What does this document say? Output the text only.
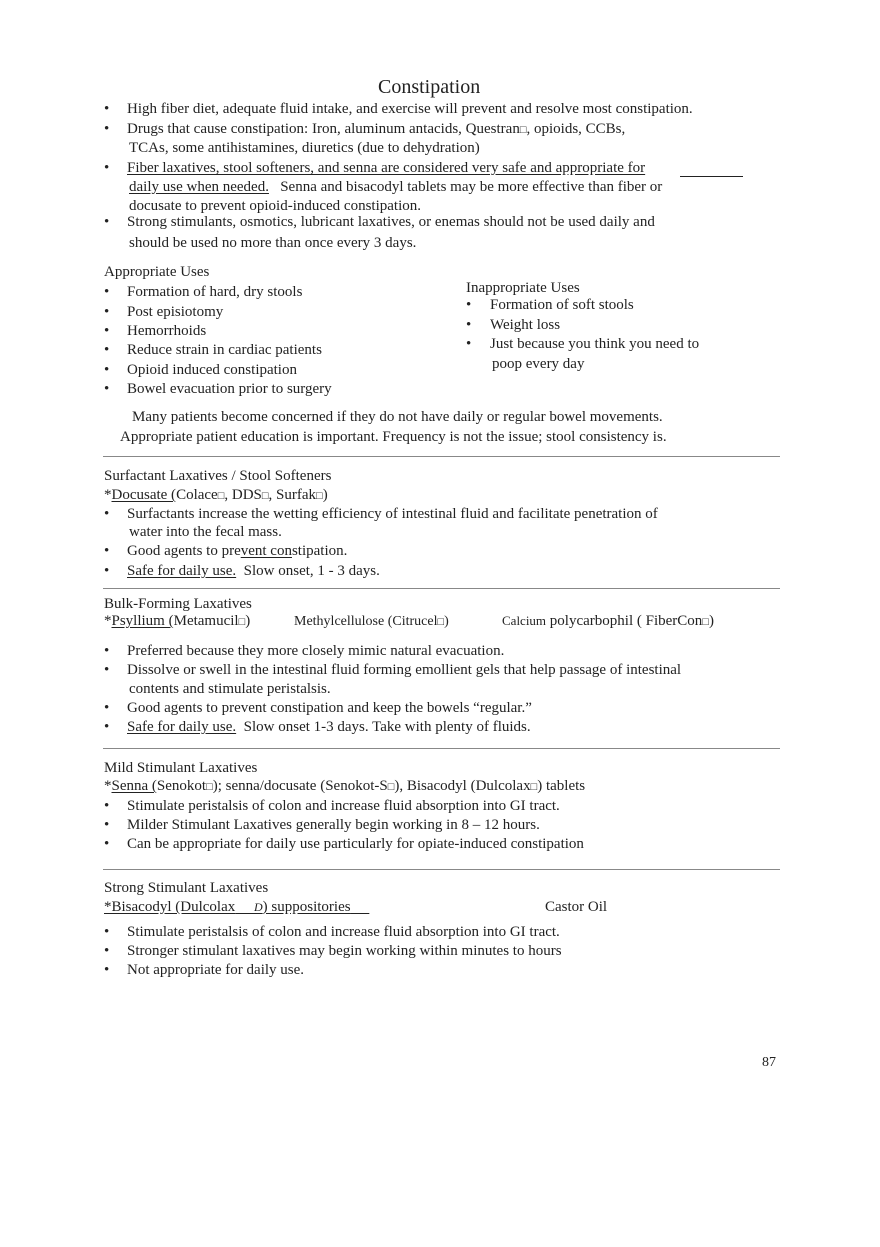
Constipation
• High fiber diet, adequate fluid intake, and exercise will prevent and resolve most constipation.
• Drugs that cause constipation: Iron, aluminum antacids, Questran□, opioids, CCBs,
TCAs, some antihistamines, diuretics (due to dehydration)
• Fiber laxatives, stool softeners, and senna are considered very safe and appropriate for
daily use when needed. Senna and bisacodyl tablets may be more effective than fiber or
docusate to prevent opioid-induced constipation.
• Strong stimulants, osmotics, lubricant laxatives, or enemas should not be used daily and
should be used no more than once every 3 days.
Appropriate Uses
• Formation of hard, dry stools
• Post episiotomy
• Hemorrhoids
• Reduce strain in cardiac patients
• Opioid induced constipation
• Bowel evacuation prior to surgery
Inappropriate Uses
• Formation of soft stools
• Weight loss
• Just because you think you need to
poop every day
Many patients become concerned if they do not have daily or regular bowel movements.
Appropriate patient education is important. Frequency is not the issue; stool consistency is.
Surfactant Laxatives / Stool Softeners
*Docusate (Colace□, DDS□, Surfak□)
• Surfactants increase the wetting efficiency of intestinal fluid and facilitate penetration of
water into the fecal mass.
• Good agents to prevent constipation.
• Safe for daily use. Slow onset, 1 - 3 days.
Bulk-Forming Laxatives
*Psyllium (Metamucil□)	Methylcellulose (Citrucel□)	Calcium polycarbophil ( FiberCon□)
• Preferred because they more closely mimic natural evacuation.
• Dissolve or swell in the intestinal fluid forming emollient gels that help passage of intestinal
contents and stimulate peristalsis.
• Good agents to prevent constipation and keep the bowels “regular.”
• Safe for daily use. Slow onset 1-3 days. Take with plenty of fluids.
Mild Stimulant Laxatives
*Senna (Senokot□); senna/docusate (Senokot-S□), Bisacodyl (Dulcolax□) tablets
• Stimulate peristalsis of colon and increase fluid absorption into GI tract.
• Milder Stimulant Laxatives generally begin working in 8 – 12 hours.
• Can be appropriate for daily use particularly for opiate-induced constipation
Strong Stimulant Laxatives
*Bisacodyl (Dulcolax D) suppositories	Castor Oil
• Stimulate peristalsis of colon and increase fluid absorption into GI tract.
• Stronger stimulant laxatives may begin working within minutes to hours
• Not appropriate for daily use.
87
